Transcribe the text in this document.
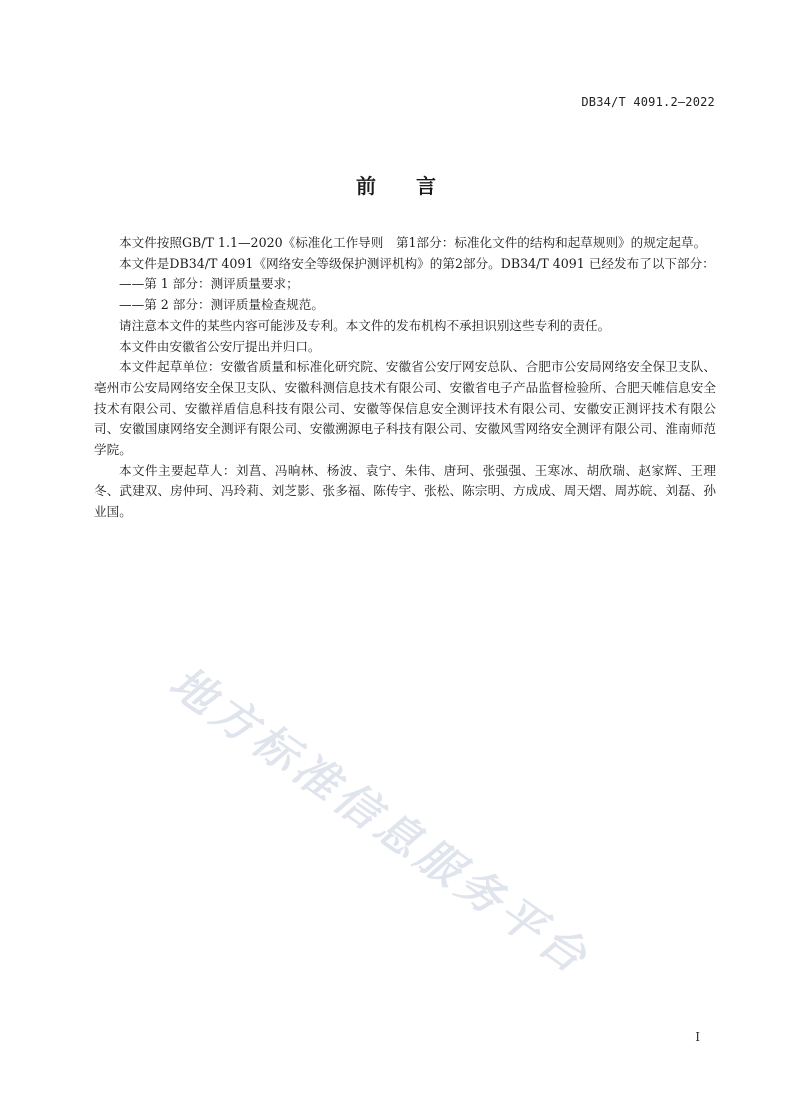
DB34/T 4091.2—2022
前言

本文件按照GB/T 1.1—2020《标准化工作导则　第1部分：标准化文件的结构和起草规则》的规定起草。

本文件是DB34/T 4091《网络安全等级保护测评机构》的第2部分。DB34/T 4091 已经发布了以下部分：

——第 1 部分：测评质量要求；

——第 2 部分：测评质量检查规范。

请注意本文件的某些内容可能涉及专利。本文件的发布机构不承担识别这些专利的责任。

本文件由安徽省公安厅提出并归口。

本文件起草单位：安徽省质量和标准化研究院、安徽省公安厅网安总队、合肥市公安局网络安全保卫支队、亳州市公安局网络安全保卫支队、安徽科测信息技术有限公司、安徽省电子产品监督检验所、合肥天帷信息安全技术有限公司、安徽祥盾信息科技有限公司、安徽等保信息安全测评技术有限公司、安徽安正测评技术有限公司、安徽国康网络安全测评有限公司、安徽溯源电子科技有限公司、安徽风雪网络安全测评有限公司、淮南师范学院。

本文件主要起草人：刘菖、冯晌林、杨波、袁宁、朱伟、唐珂、张强强、王寒冰、胡欣瑞、赵家辉、王理冬、武建双、房仲珂、冯玲莉、刘芝影、张多福、陈传宇、张松、陈宗明、方成成、周天熠、周苏皖、刘磊、孙业国。

地方标准信息服务平台
I
